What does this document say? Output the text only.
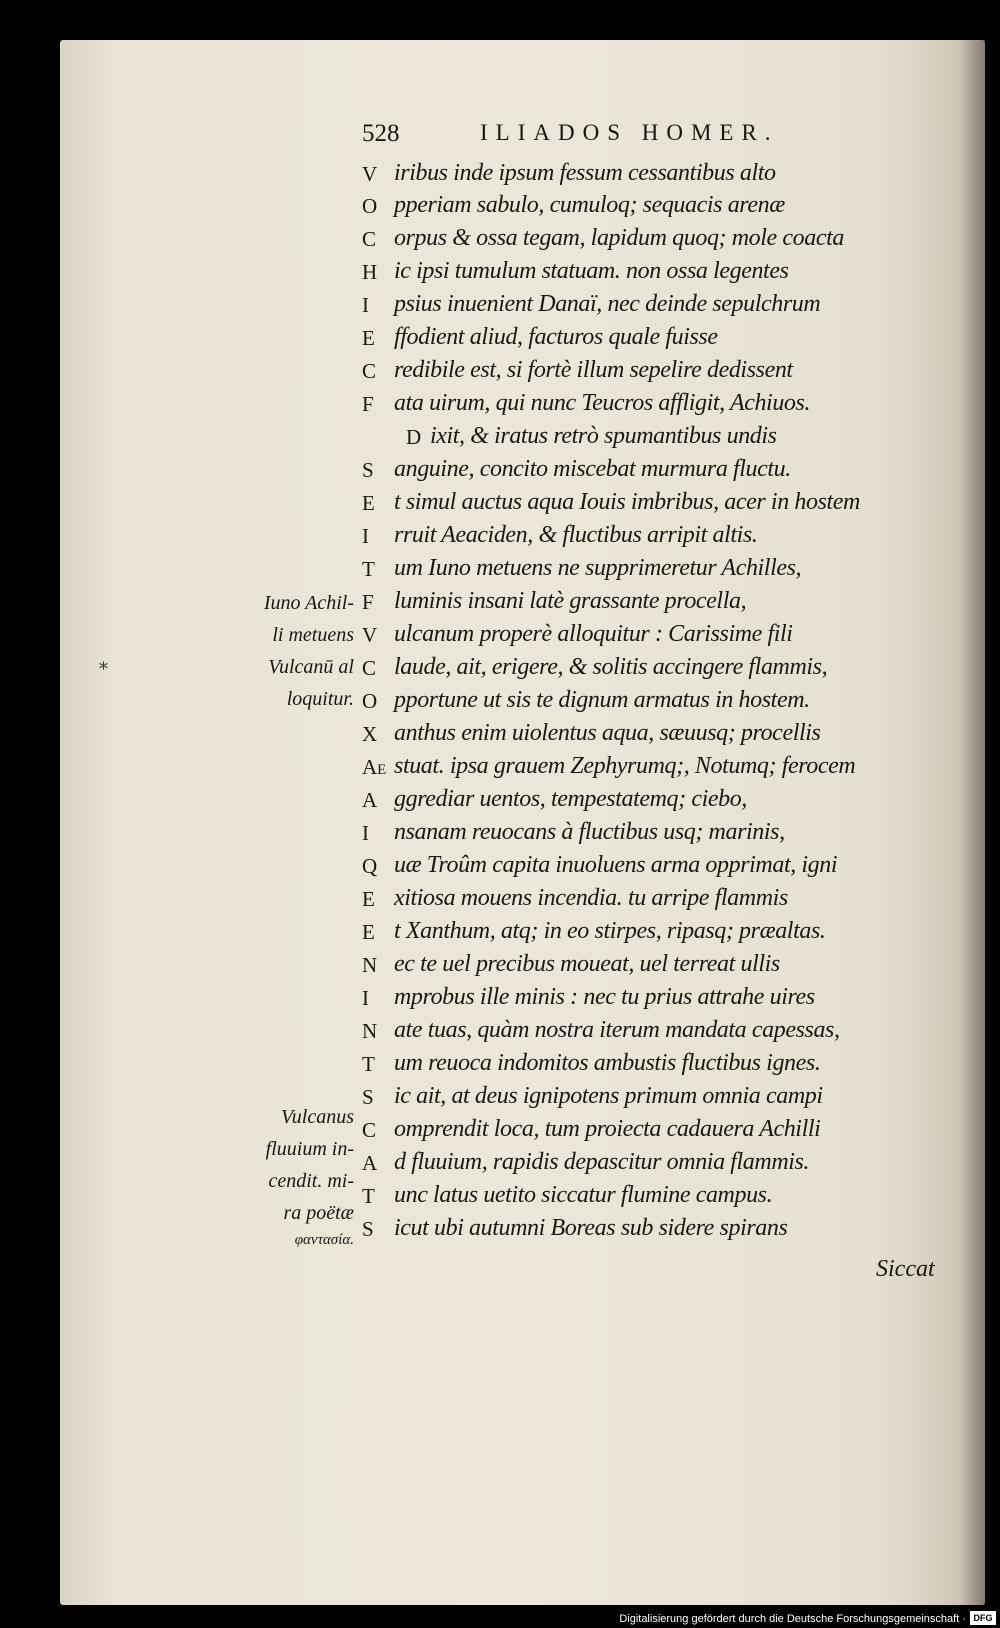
528	ILIADOS HOMER.
V iribus inde ipsum fessum cessantibus alto
O pperiam sabulo, cumuloq; sequacis arenæ
C orpus & ossa tegam, lapidum quoq; mole coacta
H ic ipsi tumulum statuam. non ossa legentes
I psius inuenient Danaï, nec deinde sepulchrum
E ffodient aliud, facturos quale fuisse
C redibile est, si fortè illum sepelire dedissent
F ata uirum, qui nunc Teucros affligit, Achiuos.
D ixit, & iratus retrò spumantibus undis
S anguine, concito miscebat murmura fluctu.
E t simul auctus aqua Iouis imbribus, acer in hostem
I rruit Aeaciden, & fluctibus arripit altis.
T um Iuno metuens ne supprimeretur Achilles,
F luminis insani latè grassante procella,
V ulcanum properè alloquitur : Carissime fili
C laude, ait, erigere, & solitis accingere flammis,
O pportune ut sis te dignum armatus in hostem.
X anthus enim uiolentus aqua, sæuusq; procellis
Ae stuat. ipsa grauem Zephyrumq;, Notumq; ferocem
A ggrediar uentos, tempestatemq; ciebo,
I nsanam reuocans à fluctibus usq; marinis,
Q uæ Troûm capita inuoluens arma opprimat, igni
E xitiosa mouens incendia. tu arripe flammis
E t Xanthum, atq; in eo stirpes, ripasq; præaltas.
N ec te uel precibus moueat, uel terreat ullis
I mprobus ille minis : nec tu prius attrahe uires
N ate tuas, quàm nostra iterum mandata capessas,
T um reuoca indomitos ambustis fluctibus ignes.
S ic ait, at deus ignipotens primum omnia campi
C omprendit loca, tum proiecta cadauera Achilli
A d fluuium, rapidis depascitur omnia flammis.
T unc latus uetito siccatur flumine campus.
S icut ubi autumni Boreas sub sidere spirans
Iuno Achil-
li metuens
Vulcanū al
loquitur.
Vulcanus
fluuium in-
cendit. mi-
ra poëtæ
φαντασία.
*
Siccat
Digitalisierung gefördert durch die Deutsche Forschungsgemeinschaft · DFG
